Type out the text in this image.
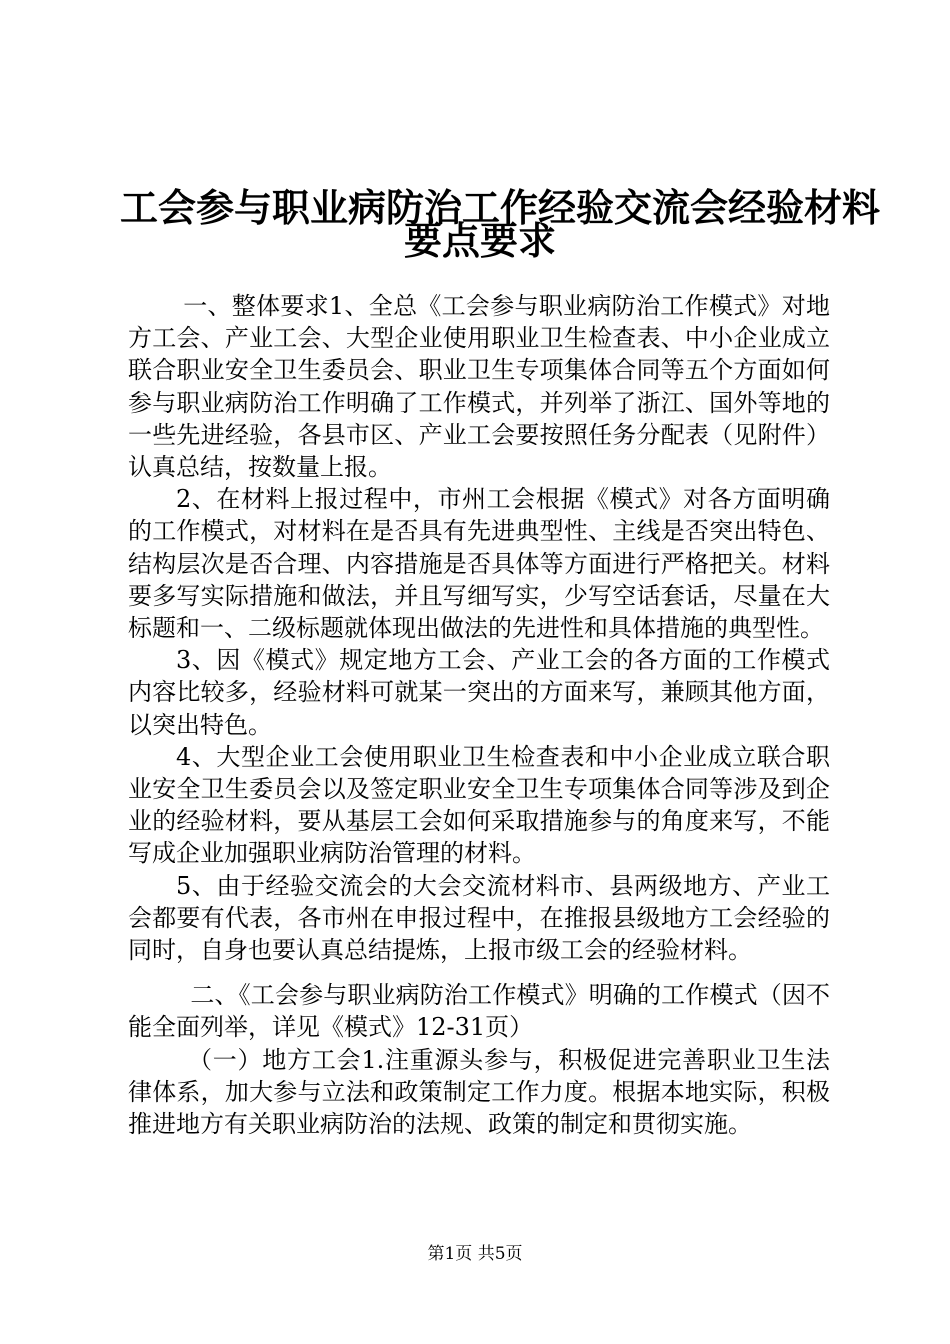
工会参与职业病防治工作经验交流会经验材料
要点要求

一、整体要求1、全总《工会参与职业病防治工作模式》对地方工会、产业工会、大型企业使用职业卫生检查表、中小企业成立联合职业安全卫生委员会、职业卫生专项集体合同等五个方面如何参与职业病防治工作明确了工作模式，并列举了浙江、国外等地的一些先进经验，各县市区、产业工会要按照任务分配表（见附件）认真总结，按数量上报。

2、在材料上报过程中，市州工会根据《模式》对各方面明确的工作模式，对材料在是否具有先进典型性、主线是否突出特色、结构层次是否合理、内容措施是否具体等方面进行严格把关。材料要多写实际措施和做法，并且写细写实，少写空话套话，尽量在大标题和一、二级标题就体现出做法的先进性和具体措施的典型性。

3、因《模式》规定地方工会、产业工会的各方面的工作模式内容比较多，经验材料可就某一突出的方面来写，兼顾其他方面，以突出特色。

4、大型企业工会使用职业卫生检查表和中小企业成立联合职业安全卫生委员会以及签定职业安全卫生专项集体合同等涉及到企业的经验材料，要从基层工会如何采取措施参与的角度来写，不能写成企业加强职业病防治管理的材料。

5、由于经验交流会的大会交流材料市、县两级地方、产业工会都要有代表，各市州在申报过程中，在推报县级地方工会经验的同时，自身也要认真总结提炼，上报市级工会的经验材料。

二、《工会参与职业病防治工作模式》明确的工作模式（因不能全面列举，详见《模式》12-31页）

（一）地方工会1.注重源头参与，积极促进完善职业卫生法律体系，加大参与立法和政策制定工作力度。根据本地实际，积极推进地方有关职业病防治的法规、政策的制定和贯彻实施。

第1页 共5页
